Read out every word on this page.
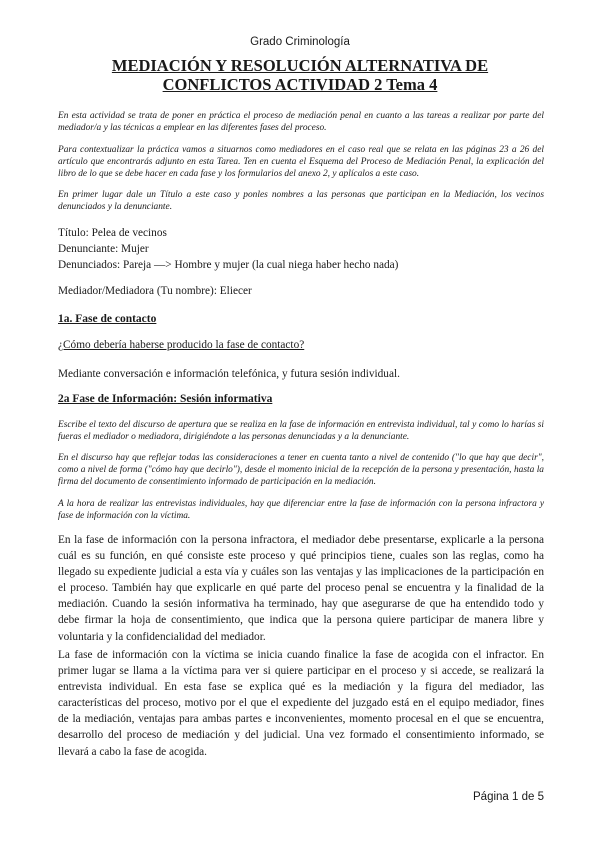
Grado Criminología
MEDIACIÓN Y RESOLUCIÓN ALTERNATIVA DE
CONFLICTOS ACTIVIDAD 2 Tema 4
En esta actividad se trata de poner en práctica el proceso de mediación penal en cuanto a las tareas a realizar por parte del mediador/a y las técnicas a emplear en las diferentes fases del proceso.
Para contextualizar la práctica vamos a situarnos como mediadores en el caso real que se relata en las páginas 23 a 26 del artículo que encontrarás adjunto en esta Tarea. Ten en cuenta el Esquema del Proceso de Mediación Penal, la explicación del libro de lo que se debe hacer en cada fase y los formularios del anexo 2, y aplícalos a este caso.
En primer lugar dale un Título a este caso y ponles nombres a las personas que participan en la Mediación, los vecinos denunciados y la denunciante.
Título: Pelea de vecinos
Denunciante: Mujer
Denunciados: Pareja —> Hombre y mujer (la cual niega haber hecho nada)
Mediador/Mediadora (Tu nombre): Eliecer
1a. Fase de contacto
¿Cómo debería haberse producido la fase de contacto?
Mediante conversación e información telefónica, y futura sesión individual.
2a Fase de Información: Sesión informativa
Escribe el texto del discurso de apertura que se realiza en la fase de información en entrevista individual, tal y como lo harías si fueras el mediador o mediadora, dirigiéndote a las personas denunciadas y a la denunciante.
En el discurso hay que reflejar todas las consideraciones a tener en cuenta tanto a nivel de contenido ("lo que hay que decir", como a nivel de forma ("cómo hay que decirlo"), desde el momento inicial de la recepción de la persona y presentación, hasta la firma del documento de consentimiento informado de participación en la mediación.
A la hora de realizar las entrevistas individuales, hay que diferenciar entre la fase de información con la persona infractora y fase de información con la víctima.
En la fase de información con la persona infractora, el mediador debe presentarse, explicarle a la persona cuál es su función, en qué consiste este proceso y qué principios tiene, cuales son las reglas, como ha llegado su expediente judicial a esta vía y cuáles son las ventajas y las implicaciones de la participación en el proceso. También hay que explicarle en qué parte del proceso penal se encuentra y la finalidad de la mediación. Cuando la sesión informativa ha terminado, hay que asegurarse de que ha entendido todo y debe firmar la hoja de consentimiento, que indica que la persona quiere participar de manera libre y voluntaria y la confidencialidad del mediador.
La fase de información con la víctima se inicia cuando finalice la fase de acogida con el infractor. En primer lugar se llama a la víctima para ver si quiere participar en el proceso y si accede, se realizará la entrevista individual. En esta fase se explica qué es la mediación y la figura del mediador, las características del proceso, motivo por el que el expediente del juzgado está en el equipo mediador, fines de la mediación, ventajas para ambas partes e inconvenientes, momento procesal en el que se encuentra, desarrollo del proceso de mediación y del judicial. Una vez formado el consentimiento informado, se llevará a cabo la fase de acogida.
Página 1 de 5
